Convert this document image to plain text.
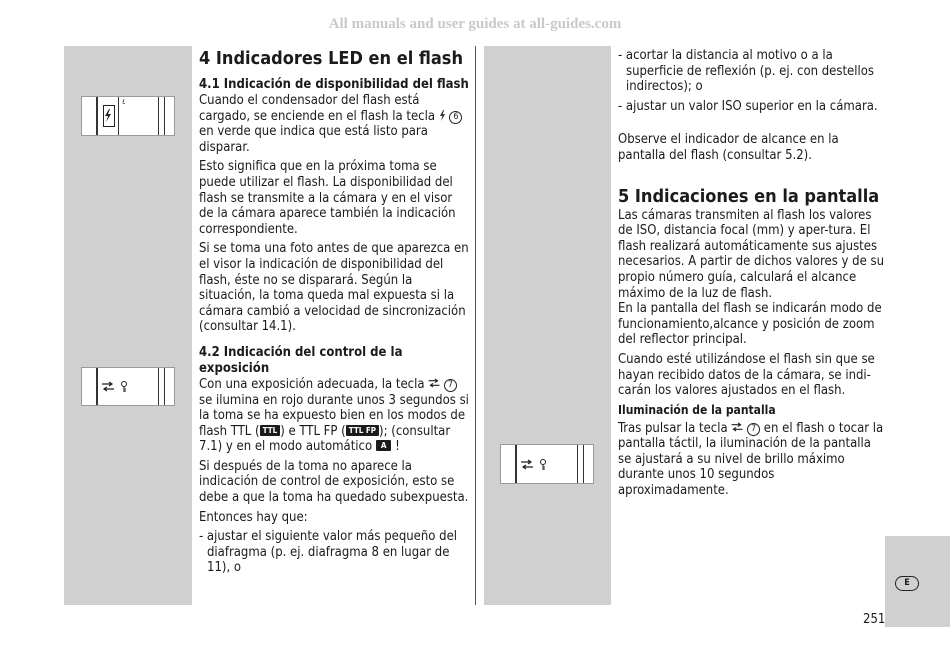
All manuals and user guides at all-guides.com
٤
4 Indicadores LED en el flash
4.1 Indicación de disponibilidad del flash

Cuando el condensador del flash está cargado, se enciende en el flash la tecla 6 en verde que indica que está listo para disparar.

Esto significa que en la próxima toma se puede utilizar el flash. La disponibilidad del flash se transmite a la cámara y en el visor de la cámara aparece también la indicación correspondiente.

Si se toma una foto antes de que aparezca en el visor la indicación de disponibilidad del flash, éste no se disparará. Según la situación, la toma queda mal expuesta si la cámara cambió a velocidad de sincronización (consultar 14.1).

4.2 Indicación del control de la exposición

Con una exposición adecuada, la tecla	7 se ilumina en rojo durante unos 3 segundos si la toma se ha expuesto bien en los modos de flash TTL ( TTL ) e TTL FP ( TTL FP ); (consultar 7.1) y en el modo automático A !

Si después de la toma no aparece la indicación de control de exposición, esto se debe a que la toma ha quedado subexpuesta.

Entonces hay que:

- ajustar el siguiente valor más pequeño del diafragma (p. ej. diafragma 8 en lugar de 11), o

- acortar la distancia al motivo o a la superficie de reflexión (p. ej. con destellos indirectos); o

- ajustar un valor ISO superior en la cámara.

Observe el indicador de alcance en la pantalla del flash (consultar 5.2).

5 Indicaciones en la pantalla

Las cámaras transmiten al flash los valores de ISO, distancia focal (mm) y aper-tura. El flash realizará automáticamente sus ajustes necesarios. A partir de dichos valores y de su propio número guía, calculará el alcance máximo de la luz de flash.

En la pantalla del flash se indicarán modo de funcionamiento,alcance y posición de zoom del reflector principal.

Cuando esté utilizándose el flash sin que se hayan recibido datos de la cámara, se indi-carán los valores ajustados en el flash.

Iluminación de la pantalla

Tras pulsar la tecla	7 en el flash o tocar la pantalla táctil, la iluminación de la pantalla se ajustará a su nivel de brillo máximo durante unos 10 segundos aproximadamente.

E
251
